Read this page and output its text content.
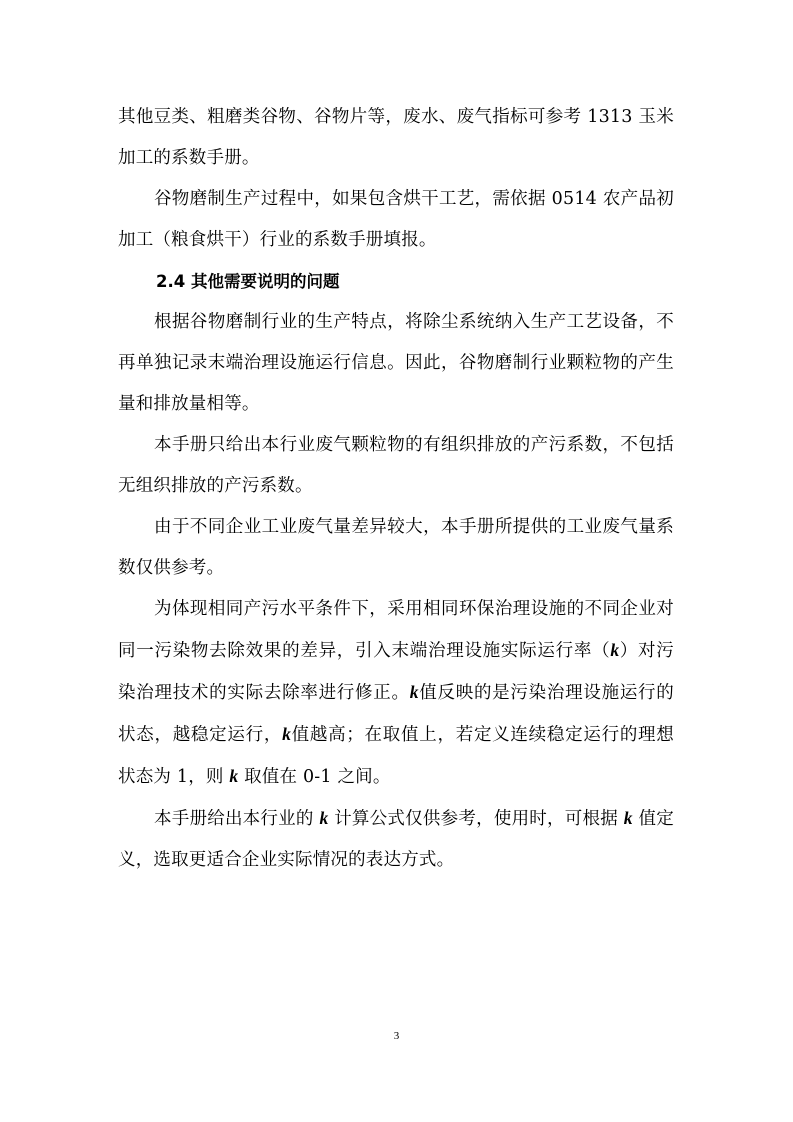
其他豆类、粗磨类谷物、谷物片等，废水、废气指标可参考 1313 玉米加工的系数手册。

谷物磨制生产过程中，如果包含烘干工艺，需依据 0514 农产品初加工（粮食烘干）行业的系数手册填报。

2.4 其他需要说明的问题

根据谷物磨制行业的生产特点，将除尘系统纳入生产工艺设备，不再单独记录末端治理设施运行信息。因此，谷物磨制行业颗粒物的产生量和排放量相等。

本手册只给出本行业废气颗粒物的有组织排放的产污系数，不包括无组织排放的产污系数。

由于不同企业工业废气量差异较大，本手册所提供的工业废气量系数仅供参考。

为体现相同产污水平条件下，采用相同环保治理设施的不同企业对同一污染物去除效果的差异，引入末端治理设施实际运行率（k）对污染治理技术的实际去除率进行修正。k值反映的是污染治理设施运行的状态，越稳定运行，k值越高；在取值上，若定义连续稳定运行的理想状态为 1，则 k 取值在 0-1 之间。

本手册给出本行业的 k 计算公式仅供参考，使用时，可根据 k 值定义，选取更适合企业实际情况的表达方式。

3
